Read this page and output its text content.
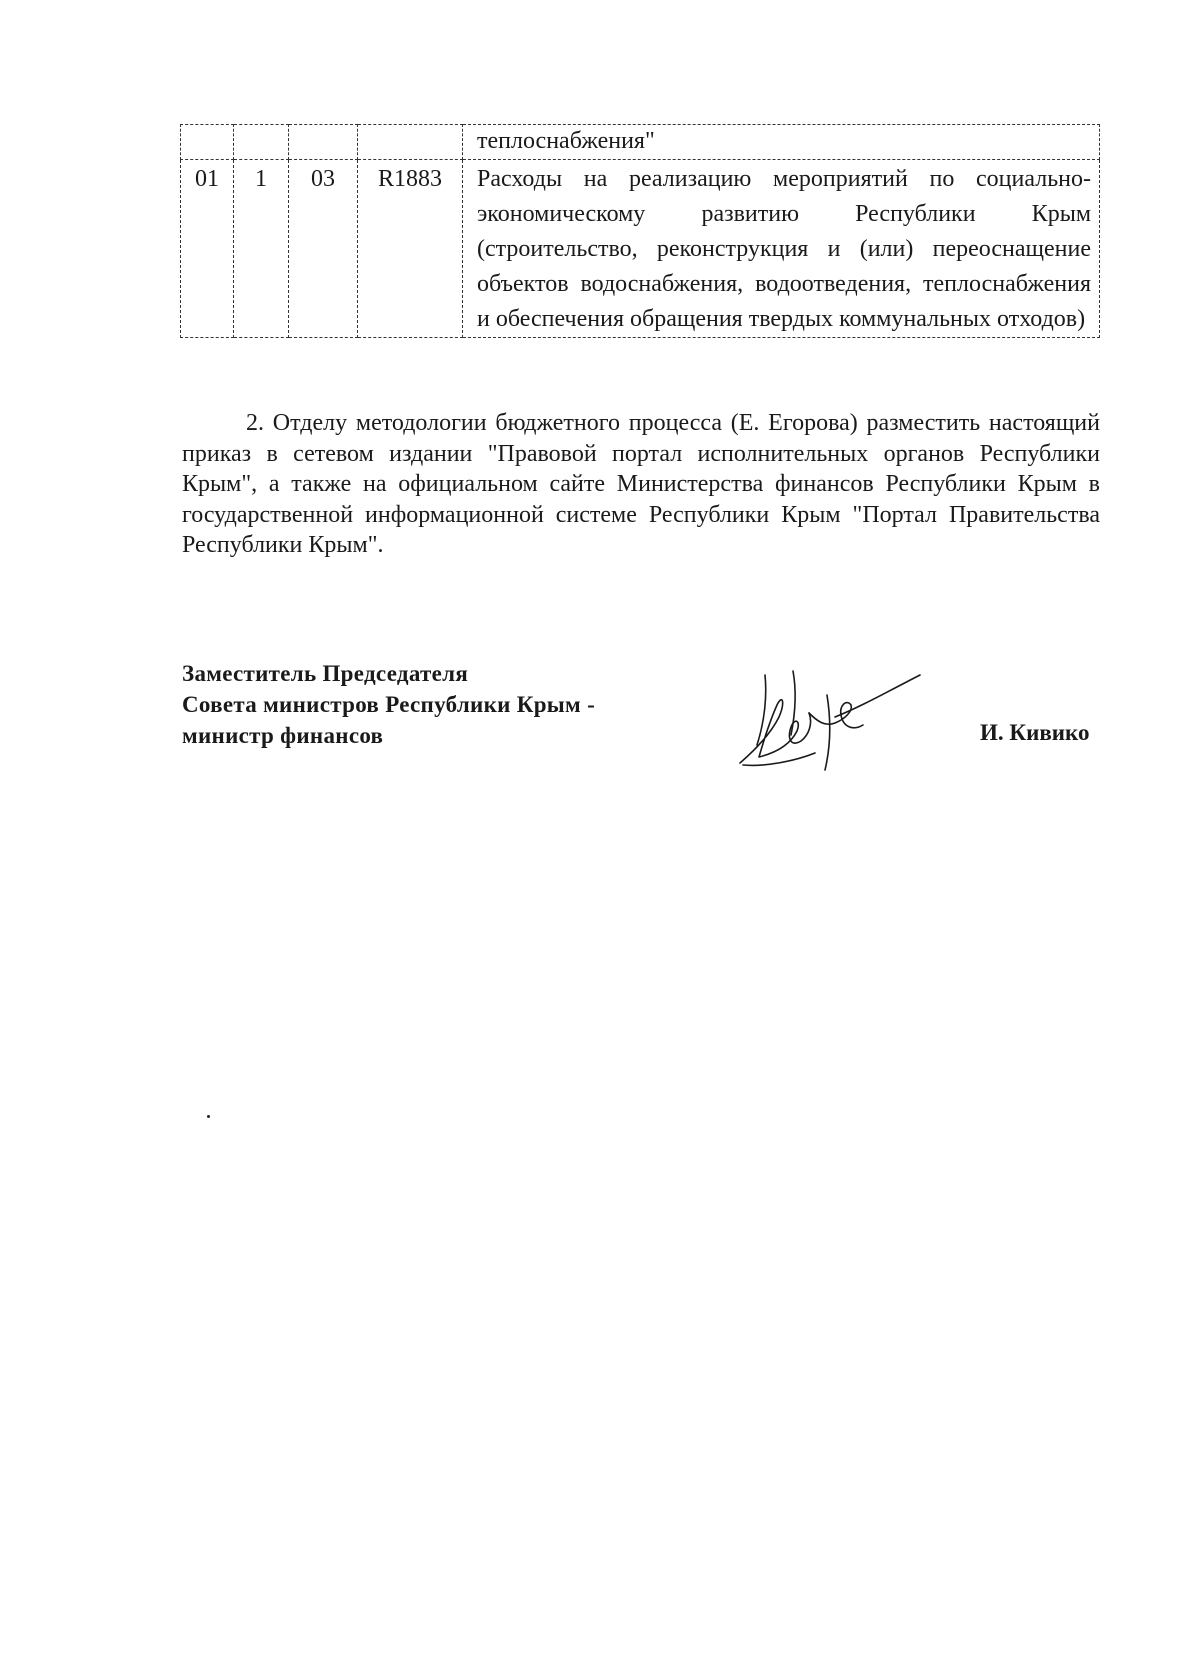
				теплоснабжения"
01	1	03	R1883	Расходы на реализацию мероприятий по социально-экономическому развитию Республики Крым (строительство, реконструкция и (или) переоснащение объектов водоснабжения, водоотведения, теплоснабжения и обеспечения обращения твердых коммунальных отходов)

2. Отделу методологии бюджетного процесса (Е. Егорова) разместить настоящий приказ в сетевом издании "Правовой портал исполнительных органов Республики Крым", а также на официальном сайте Министерства финансов Республики Крым в государственной информационной системе Республики Крым "Портал Правительства Республики Крым".

Заместитель Председателя
Совета министров Республики Крым -
министр финансов	И. Кивико
